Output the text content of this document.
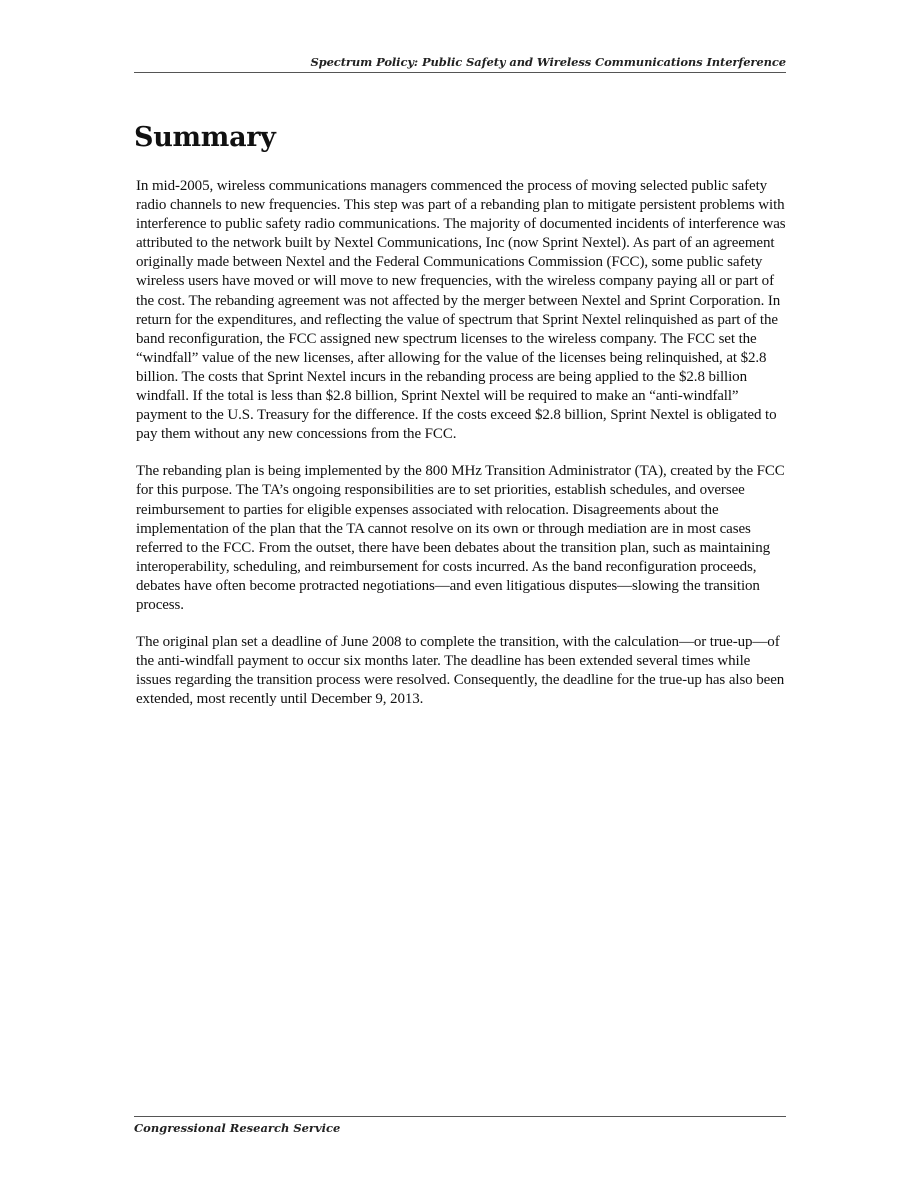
Spectrum Policy: Public Safety and Wireless Communications Interference
Summary

In mid-2005, wireless communications managers commenced the process of moving selected public safety radio channels to new frequencies. This step was part of a rebanding plan to mitigate persistent problems with interference to public safety radio communications. The majority of documented incidents of interference was attributed to the network built by Nextel Communications, Inc (now Sprint Nextel). As part of an agreement originally made between Nextel and the Federal Communications Commission (FCC), some public safety wireless users have moved or will move to new frequencies, with the wireless company paying all or part of the cost. The rebanding agreement was not affected by the merger between Nextel and Sprint Corporation. In return for the expenditures, and reflecting the value of spectrum that Sprint Nextel relinquished as part of the band reconfiguration, the FCC assigned new spectrum licenses to the wireless company. The FCC set the “windfall” value of the new licenses, after allowing for the value of the licenses being relinquished, at $2.8 billion. The costs that Sprint Nextel incurs in the rebanding process are being applied to the $2.8 billion windfall. If the total is less than $2.8 billion, Sprint Nextel will be required to make an “anti-windfall” payment to the U.S. Treasury for the difference. If the costs exceed $2.8 billion, Sprint Nextel is obligated to pay them without any new concessions from the FCC.

The rebanding plan is being implemented by the 800 MHz Transition Administrator (TA), created by the FCC for this purpose. The TA’s ongoing responsibilities are to set priorities, establish schedules, and oversee reimbursement to parties for eligible expenses associated with relocation. Disagreements about the implementation of the plan that the TA cannot resolve on its own or through mediation are in most cases referred to the FCC. From the outset, there have been debates about the transition plan, such as maintaining interoperability, scheduling, and reimbursement for costs incurred. As the band reconfiguration proceeds, debates have often become protracted negotiations—and even litigatious disputes—slowing the transition process.

The original plan set a deadline of June 2008 to complete the transition, with the calculation—or true-up—of the anti-windfall payment to occur six months later. The deadline has been extended several times while issues regarding the transition process were resolved. Consequently, the deadline for the true-up has also been extended, most recently until December 9, 2013.

Congressional Research Service
